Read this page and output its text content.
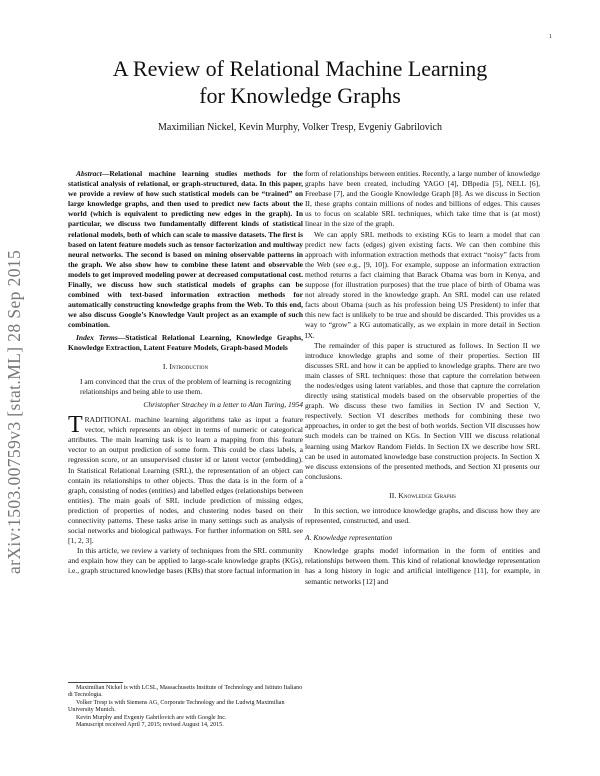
1
arXiv:1503.00759v3 [stat.ML] 28 Sep 2015
A Review of Relational Machine Learning
for Knowledge Graphs
Maximilian Nickel, Kevin Murphy, Volker Tresp, Evgeniy Gabrilovich

Abstract—Relational machine learning studies methods for the statistical analysis of relational, or graph-structured, data. In this paper, we provide a review of how such statistical models can be “trained” on large knowledge graphs, and then used to predict new facts about the world (which is equivalent to predicting new edges in the graph). In particular, we discuss two fundamentally different kinds of statistical relational models, both of which can scale to massive datasets. The first is based on latent feature models such as tensor factorization and multiway neural networks. The second is based on mining observable patterns in the graph. We also show how to combine these latent and observable models to get improved modeling power at decreased computational cost. Finally, we discuss how such statistical models of graphs can be combined with text-based information extraction methods for automatically constructing knowledge graphs from the Web. To this end, we also discuss Google’s Knowledge Vault project as an example of such combination.

Index Terms—Statistical Relational Learning, Knowledge Graphs, Knowledge Extraction, Latent Feature Models, Graph-based Models

I. Introduction

I am convinced that the crux of the problem of learning is recognizing relationships and being able to use them.

Christopher Strachey in a letter to Alan Turing, 1954

TRADITIONAL machine learning algorithms take as input a feature vector, which represents an object in terms of numeric or categorical attributes. The main learning task is to learn a mapping from this feature vector to an output prediction of some form. This could be class labels, a regression score, or an unsupervised cluster id or latent vector (embedding). In Statistical Relational Learning (SRL), the representation of an object can contain its relationships to other objects. Thus the data is in the form of a graph, consisting of nodes (entities) and labelled edges (relationships between entities). The main goals of SRL include prediction of missing edges, prediction of properties of nodes, and clustering nodes based on their connectivity patterns. These tasks arise in many settings such as analysis of social networks and biological pathways. For further information on SRL see [1, 2, 3].

In this article, we review a variety of techniques from the SRL community and explain how they can be applied to large-scale knowledge graphs (KGs), i.e., graph structured knowledge bases (KBs) that store factual information in

Maximilian Nickel is with LCSL, Massachusetts Institute of Technology and Istituto Italiano di Tecnologia.

Volker Tresp is with Siemens AG, Corporate Technology and the Ludwig Maximilian University Munich.

Kevin Murphy and Evgeniy Gabrilovich are with Google Inc.

Manuscript received April 7, 2015; revised August 14, 2015.

form of relationships between entities. Recently, a large number of knowledge graphs have been created, including YAGO [4], DBpedia [5], NELL [6], Freebase [7], and the Google Knowledge Graph [8]. As we discuss in Section II, these graphs contain millions of nodes and billions of edges. This causes us to focus on scalable SRL techniques, which take time that is (at most) linear in the size of the graph.

We can apply SRL methods to existing KGs to learn a model that can predict new facts (edges) given existing facts. We can then combine this approach with information extraction methods that extract “noisy” facts from the Web (see e.g., [9, 10]). For example, suppose an information extraction method returns a fact claiming that Barack Obama was born in Kenya, and suppose (for illustration purposes) that the true place of birth of Obama was not already stored in the knowledge graph. An SRL model can use related facts about Obama (such as his profession being US President) to infer that this new fact is unlikely to be true and should be discarded. This provides us a way to “grow” a KG automatically, as we explain in more detail in Section IX.

The remainder of this paper is structured as follows. In Section II we introduce knowledge graphs and some of their properties. Section III discusses SRL and how it can be applied to knowledge graphs. There are two main classes of SRL techniques: those that capture the correlation between the nodes/edges using latent variables, and those that capture the correlation directly using statistical models based on the observable properties of the graph. We discuss these two families in Section IV and Section V, respectively. Section VI describes methods for combining these two approaches, in order to get the best of both worlds. Section VII discusses how such models can be trained on KGs. In Section VIII we discuss relational learning using Markov Random Fields. In Section IX we describe how SRL can be used in automated knowledge base construction projects. In Section X we discuss extensions of the presented methods, and Section XI presents our conclusions.

II. Knowledge Graphs

In this section, we introduce knowledge graphs, and discuss how they are represented, constructed, and used.

A. Knowledge representation

Knowledge graphs model information in the form of entities and relationships between them. This kind of relational knowledge representation has a long history in logic and artificial intelligence [11], for example, in semantic networks [12] and
